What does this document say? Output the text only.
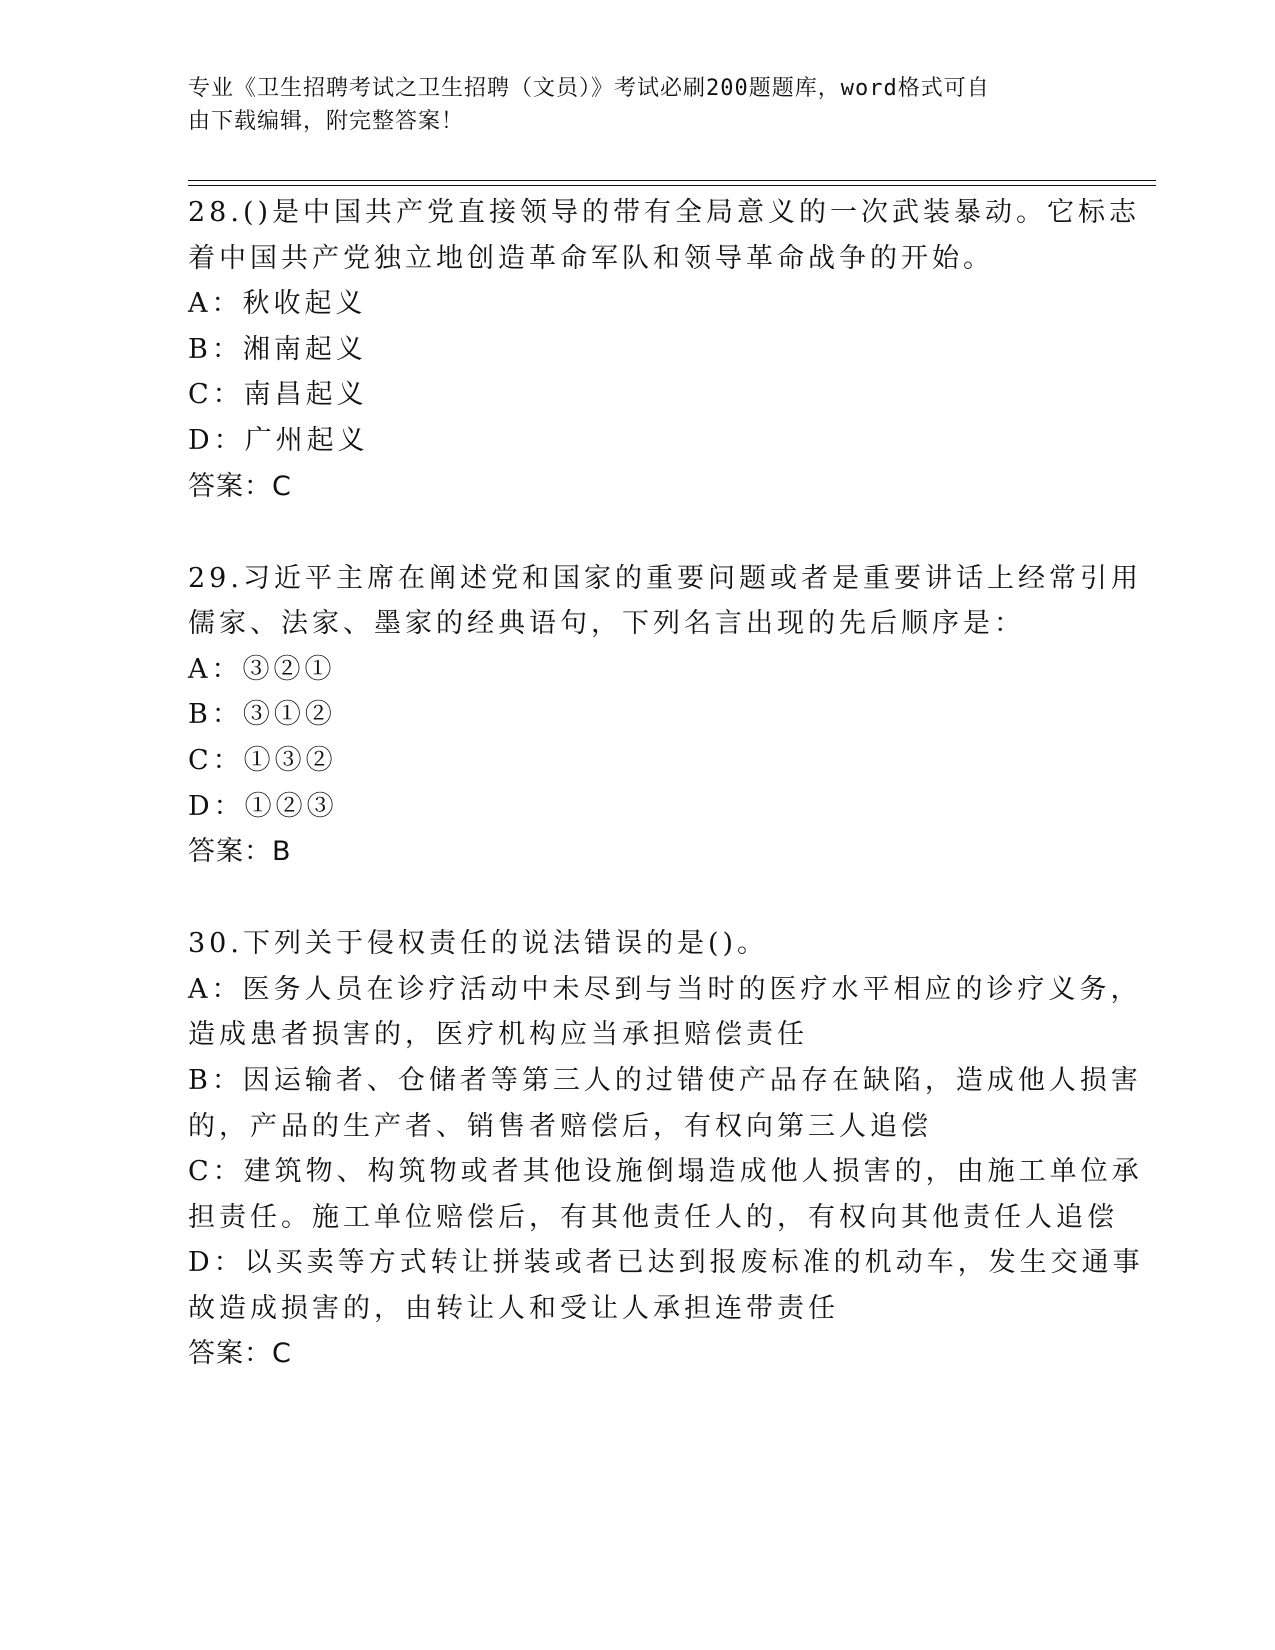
专业《卫生招聘考试之卫生招聘（文员）》考试必刷200题题库，word格式可自
由下载编辑，附完整答案！
28.()是中国共产党直接领导的带有全局意义的一次武装暴动。它标志
着中国共产党独立地创造革命军队和领导革命战争的开始。
A：秋收起义
B：湘南起义
C：南昌起义
D：广州起义
答案：C
29.习近平主席在阐述党和国家的重要问题或者是重要讲话上经常引用
儒家、法家、墨家的经典语句，下列名言出现的先后顺序是：
A：③②①
B：③①②
C：①③②
D：①②③
答案：B
30.下列关于侵权责任的说法错误的是()。
A：医务人员在诊疗活动中未尽到与当时的医疗水平相应的诊疗义务，
造成患者损害的，医疗机构应当承担赔偿责任
B：因运输者、仓储者等第三人的过错使产品存在缺陷，造成他人损害
的，产品的生产者、销售者赔偿后，有权向第三人追偿
C：建筑物、构筑物或者其他设施倒塌造成他人损害的，由施工单位承
担责任。施工单位赔偿后，有其他责任人的，有权向其他责任人追偿
D：以买卖等方式转让拼装或者已达到报废标准的机动车，发生交通事
故造成损害的，由转让人和受让人承担连带责任
答案：C
